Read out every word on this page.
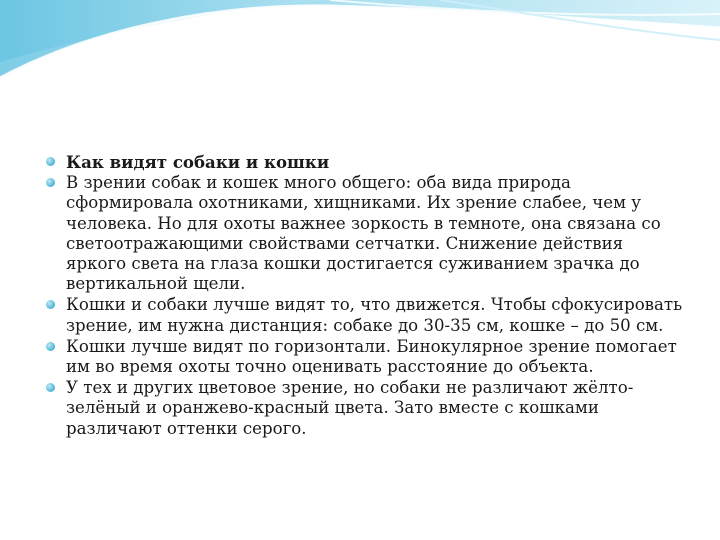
Как видят собаки и кошки
В зрении собак и кошек много общего: оба вида природа сформировала охотниками, хищниками. Их зрение слабее, чем у человека. Но для охоты важнее зоркость в темноте, она связана со светоотражающими свойствами сетчатки. Снижение действия яркого света на глаза кошки достигается суживанием зрачка до вертикальной щели.
Кошки и собаки лучше видят то, что движется. Чтобы сфокусировать зрение, им нужна дистанция: собаке до 30-35 см, кошке – до 50 см.
Кошки лучше видят по горизонтали. Бинокулярное зрение помогает им во время охоты точно оценивать расстояние до объекта.
У тех и других цветовое зрение, но собаки не различают жёлто-зелёный и оранжево-красный цвета. Зато вместе с кошками различают оттенки серого.
